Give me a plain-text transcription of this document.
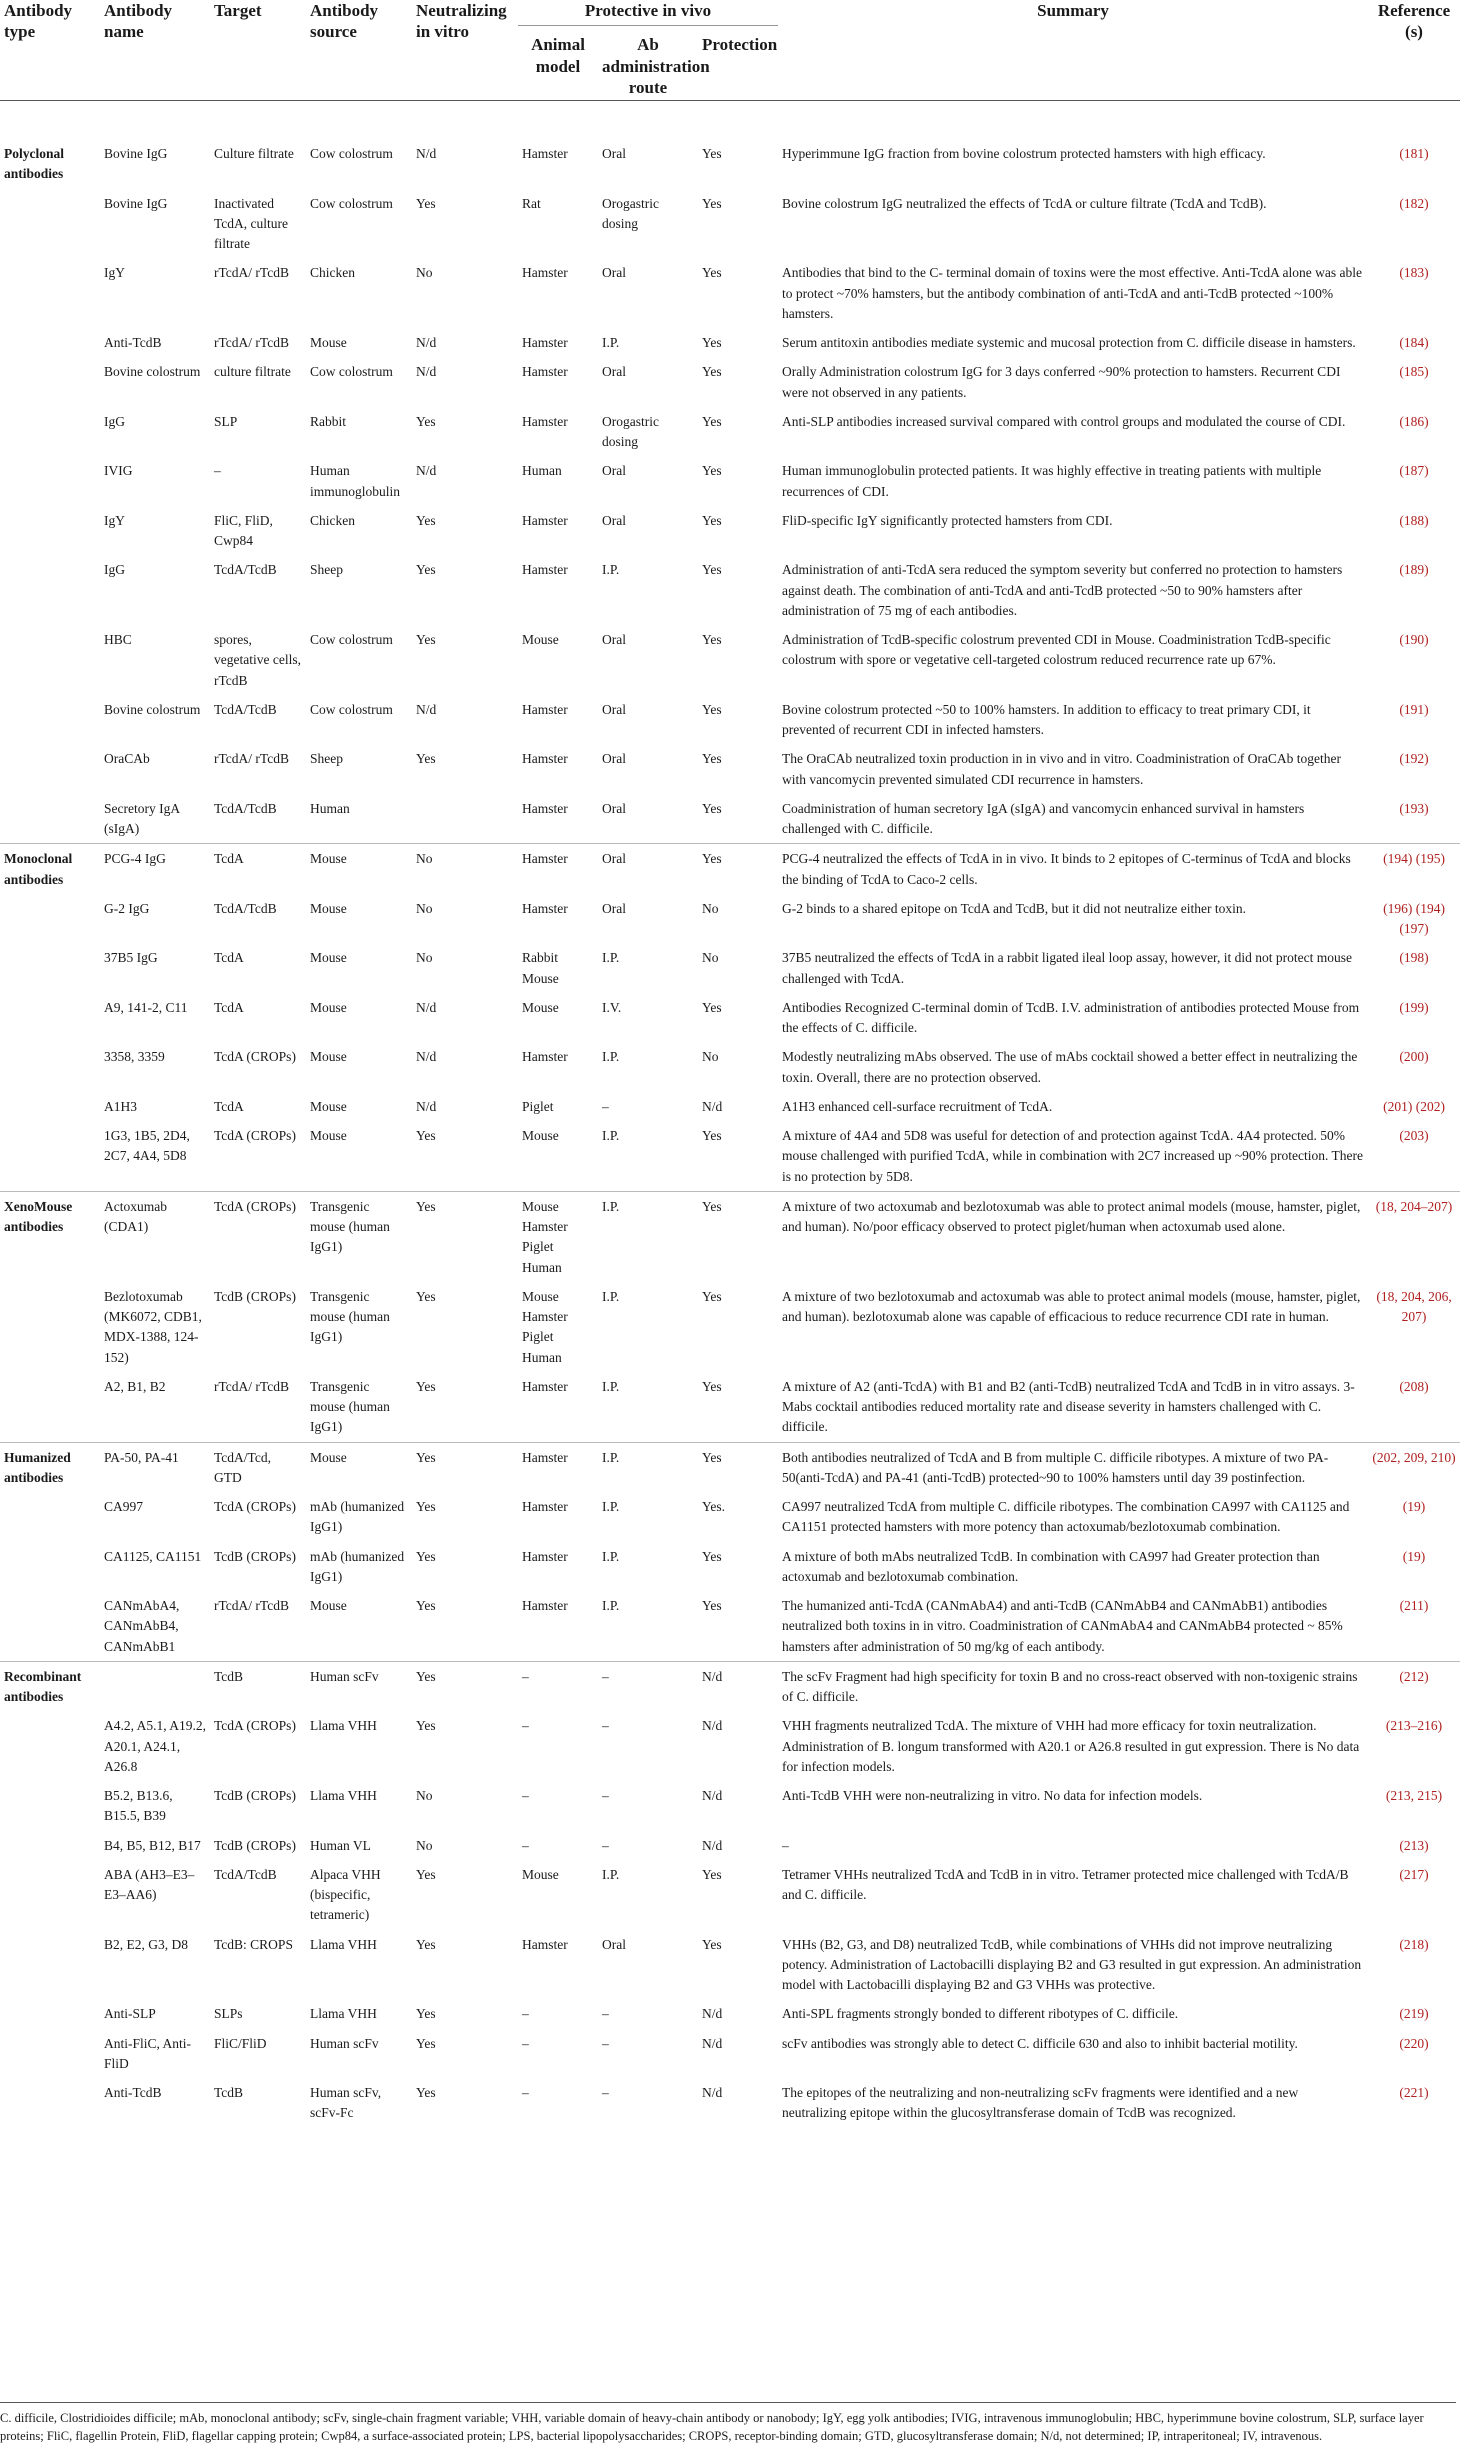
Antibody type	Antibody name	Target	Antibody source	Neutralizing in vitro	Protective in vivo			Summary	Reference (s)
					Animal model	Ab administration route	Protection		

Polyclonal antibodies	Bovine IgG	Culture filtrate	Cow colostrum	N/d	Hamster	Oral	Yes	Hyperimmune IgG fraction from bovine colostrum protected hamsters with high efficacy.	(181)
	Bovine IgG	Inactivated TcdA, culture filtrate	Cow colostrum	Yes	Rat	Orogastric dosing	Yes	Bovine colostrum IgG neutralized the effects of TcdA or culture filtrate (TcdA and TcdB).	(182)
	IgY	rTcdA/ rTcdB	Chicken	No	Hamster	Oral	Yes	Antibodies that bind to the C- terminal domain of toxins were the most effective. Anti-TcdA alone was able to protect ~70% hamsters, but the antibody combination of anti-TcdA and anti-TcdB protected ~100% hamsters.	(183)
	Anti-TcdB	rTcdA/ rTcdB	Mouse	N/d	Hamster	I.P.	Yes	Serum antitoxin antibodies mediate systemic and mucosal protection from C. difficile disease in hamsters.	(184)
	Bovine colostrum	culture filtrate	Cow colostrum	N/d	Hamster	Oral	Yes	Orally Administration colostrum IgG for 3 days conferred ~90% protection to hamsters. Recurrent CDI were not observed in any patients.	(185)
	IgG	SLP	Rabbit	Yes	Hamster	Orogastric dosing	Yes	Anti-SLP antibodies increased survival compared with control groups and modulated the course of CDI.	(186)
	IVIG	–	Human immunoglobulin	N/d	Human	Oral	Yes	Human immunoglobulin protected patients. It was highly effective in treating patients with multiple recurrences of CDI.	(187)
	IgY	FliC, FliD, Cwp84	Chicken	Yes	Hamster	Oral	Yes	FliD-specific IgY significantly protected hamsters from CDI.	(188)
	IgG	TcdA/TcdB	Sheep	Yes	Hamster	I.P.	Yes	Administration of anti-TcdA sera reduced the symptom severity but conferred no protection to hamsters against death. The combination of anti-TcdA and anti-TcdB protected ~50 to 90% hamsters after administration of 75 mg of each antibodies.	(189)
	HBC	spores, vegetative cells, rTcdB	Cow colostrum	Yes	Mouse	Oral	Yes	Administration of TcdB-specific colostrum prevented CDI in Mouse. Coadministration TcdB-specific colostrum with spore or vegetative cell-targeted colostrum reduced recurrence rate up 67%.	(190)
	Bovine colostrum	TcdA/TcdB	Cow colostrum	N/d	Hamster	Oral	Yes	Bovine colostrum protected ~50 to 100% hamsters. In addition to efficacy to treat primary CDI, it prevented of recurrent CDI in infected hamsters.	(191)
	OraCAb	rTcdA/ rTcdB	Sheep	Yes	Hamster	Oral	Yes	The OraCAb neutralized toxin production in in vivo and in vitro. Coadministration of OraCAb together with vancomycin prevented simulated CDI recurrence in hamsters.	(192)
	Secretory IgA (sIgA)	TcdA/TcdB	Human		Hamster	Oral	Yes	Coadministration of human secretory IgA (sIgA) and vancomycin enhanced survival in hamsters challenged with C. difficile.	(193)
Monoclonal antibodies	PCG-4 IgG	TcdA	Mouse	No	Hamster	Oral	Yes	PCG-4 neutralized the effects of TcdA in in vivo. It binds to 2 epitopes of C-terminus of TcdA and blocks the binding of TcdA to Caco-2 cells.	(194) (195)
	G-2 IgG	TcdA/TcdB	Mouse	No	Hamster	Oral	No	G-2 binds to a shared epitope on TcdA and TcdB, but it did not neutralize either toxin.	(196) (194) (197)
	37B5 IgG	TcdA	Mouse	No	Rabbit Mouse	I.P.	No	37B5 neutralized the effects of TcdA in a rabbit ligated ileal loop assay, however, it did not protect mouse challenged with TcdA.	(198)
	A9, 141-2, C11	TcdA	Mouse	N/d	Mouse	I.V.	Yes	Antibodies Recognized C-terminal domin of TcdB. I.V. administration of antibodies protected Mouse from the effects of C. difficile.	(199)
	3358, 3359	TcdA (CROPs)	Mouse	N/d	Hamster	I.P.	No	Modestly neutralizing mAbs observed. The use of mAbs cocktail showed a better effect in neutralizing the toxin. Overall, there are no protection observed.	(200)
	A1H3	TcdA	Mouse	N/d	Piglet	–	N/d	A1H3 enhanced cell-surface recruitment of TcdA.	(201) (202)
	1G3, 1B5, 2D4, 2C7, 4A4, 5D8	TcdA (CROPs)	Mouse	Yes	Mouse	I.P.	Yes	A mixture of 4A4 and 5D8 was useful for detection of and protection against TcdA. 4A4 protected. 50% mouse challenged with purified TcdA, while in combination with 2C7 increased up ~90% protection. There is no protection by 5D8.	(203)
XenoMouse antibodies	Actoxumab (CDA1)	TcdA (CROPs)	Transgenic mouse (human IgG1)	Yes	Mouse Hamster Piglet Human	I.P.	Yes	A mixture of two actoxumab and bezlotoxumab was able to protect animal models (mouse, hamster, piglet, and human). No/poor efficacy observed to protect piglet/human when actoxumab used alone.	(18, 204–207)
	Bezlotoxumab (MK6072, CDB1, MDX-1388, 124-152)	TcdB (CROPs)	Transgenic mouse (human IgG1)	Yes	Mouse Hamster Piglet Human	I.P.	Yes	A mixture of two bezlotoxumab and actoxumab was able to protect animal models (mouse, hamster, piglet, and human). bezlotoxumab alone was capable of efficacious to reduce recurrence CDI rate in human.	(18, 204, 206, 207)
	A2, B1, B2	rTcdA/ rTcdB	Transgenic mouse (human IgG1)	Yes	Hamster	I.P.	Yes	A mixture of A2 (anti-TcdA) with B1 and B2 (anti-TcdB) neutralized TcdA and TcdB in in vitro assays. 3-Mabs cocktail antibodies reduced mortality rate and disease severity in hamsters challenged with C. difficile.	(208)
Humanized antibodies	PA-50, PA-41	TcdA/Tcd, GTD	Mouse	Yes	Hamster	I.P.	Yes	Both antibodies neutralized of TcdA and B from multiple C. difficile ribotypes. A mixture of two PA-50(anti-TcdA) and PA-41 (anti-TcdB) protected~90 to 100% hamsters until day 39 postinfection.	(202, 209, 210)
	CA997	TcdA (CROPs)	mAb (humanized IgG1)	Yes	Hamster	I.P.	Yes.	CA997 neutralized TcdA from multiple C. difficile ribotypes. The combination CA997 with CA1125 and CA1151 protected hamsters with more potency than actoxumab/bezlotoxumab combination.	(19)
	CA1125, CA1151	TcdB (CROPs)	mAb (humanized IgG1)	Yes	Hamster	I.P.	Yes	A mixture of both mAbs neutralized TcdB. In combination with CA997 had Greater protection than actoxumab and bezlotoxumab combination.	(19)
	CANmAbA4, CANmAbB4, CANmAbB1	rTcdA/ rTcdB	Mouse	Yes	Hamster	I.P.	Yes	The humanized anti-TcdA (CANmAbA4) and anti-TcdB (CANmAbB4 and CANmAbB1) antibodies neutralized both toxins in in vitro. Coadministration of CANmAbA4 and CANmAbB4 protected ~ 85% hamsters after administration of 50 mg/kg of each antibody.	(211)
Recombinant antibodies		TcdB	Human scFv	Yes	–	–	N/d	The scFv Fragment had high specificity for toxin B and no cross-react observed with non-toxigenic strains of C. difficile.	(212)
	A4.2, A5.1, A19.2, A20.1, A24.1, A26.8	TcdA (CROPs)	Llama VHH	Yes	–	–	N/d	VHH fragments neutralized TcdA. The mixture of VHH had more efficacy for toxin neutralization. Administration of B. longum transformed with A20.1 or A26.8 resulted in gut expression. There is No data for infection models.	(213–216)
	B5.2, B13.6, B15.5, B39	TcdB (CROPs)	Llama VHH	No	–	–	N/d	Anti-TcdB VHH were non-neutralizing in vitro. No data for infection models.	(213, 215)
	B4, B5, B12, B17	TcdB (CROPs)	Human VL	No	–	–	N/d	–	(213)
	ABA (AH3–E3–E3–AA6)	TcdA/TcdB	Alpaca VHH (bispecific, tetrameric)	Yes	Mouse	I.P.	Yes	Tetramer VHHs neutralized TcdA and TcdB in in vitro. Tetramer protected mice challenged with TcdA/B and C. difficile.	(217)
	B2, E2, G3, D8	TcdB: CROPS	Llama VHH	Yes	Hamster	Oral	Yes	VHHs (B2, G3, and D8) neutralized TcdB, while combinations of VHHs did not improve neutralizing potency. Administration of Lactobacilli displaying B2 and G3 resulted in gut expression. An administration model with Lactobacilli displaying B2 and G3 VHHs was protective.	(218)
	Anti-SLP	SLPs	Llama VHH	Yes	–	–	N/d	Anti-SPL fragments strongly bonded to different ribotypes of C. difficile.	(219)
	Anti-FliC, Anti-FliD	FliC/FliD	Human scFv	Yes	–	–	N/d	scFv antibodies was strongly able to detect C. difficile 630 and also to inhibit bacterial motility.	(220)
	Anti-TcdB	TcdB	Human scFv, scFv-Fc	Yes	–	–	N/d	The epitopes of the neutralizing and non-neutralizing scFv fragments were identified and a new neutralizing epitope within the glucosyltransferase domain of TcdB was recognized.	(221)
C. difficile, Clostridioides difficile; mAb, monoclonal antibody; scFv, single-chain fragment variable; VHH, variable domain of heavy-chain antibody or nanobody; IgY, egg yolk antibodies; IVIG, intravenous immunoglobulin; HBC, hyperimmune bovine colostrum, SLP, surface layer proteins; FliC, flagellin Protein, FliD, flagellar capping protein; Cwp84, a surface-associated protein; LPS, bacterial lipopolysaccharides; CROPS, receptor-binding domain; GTD, glucosyltransferase domain; N/d, not determined; IP, intraperitoneal; IV, intravenous.
